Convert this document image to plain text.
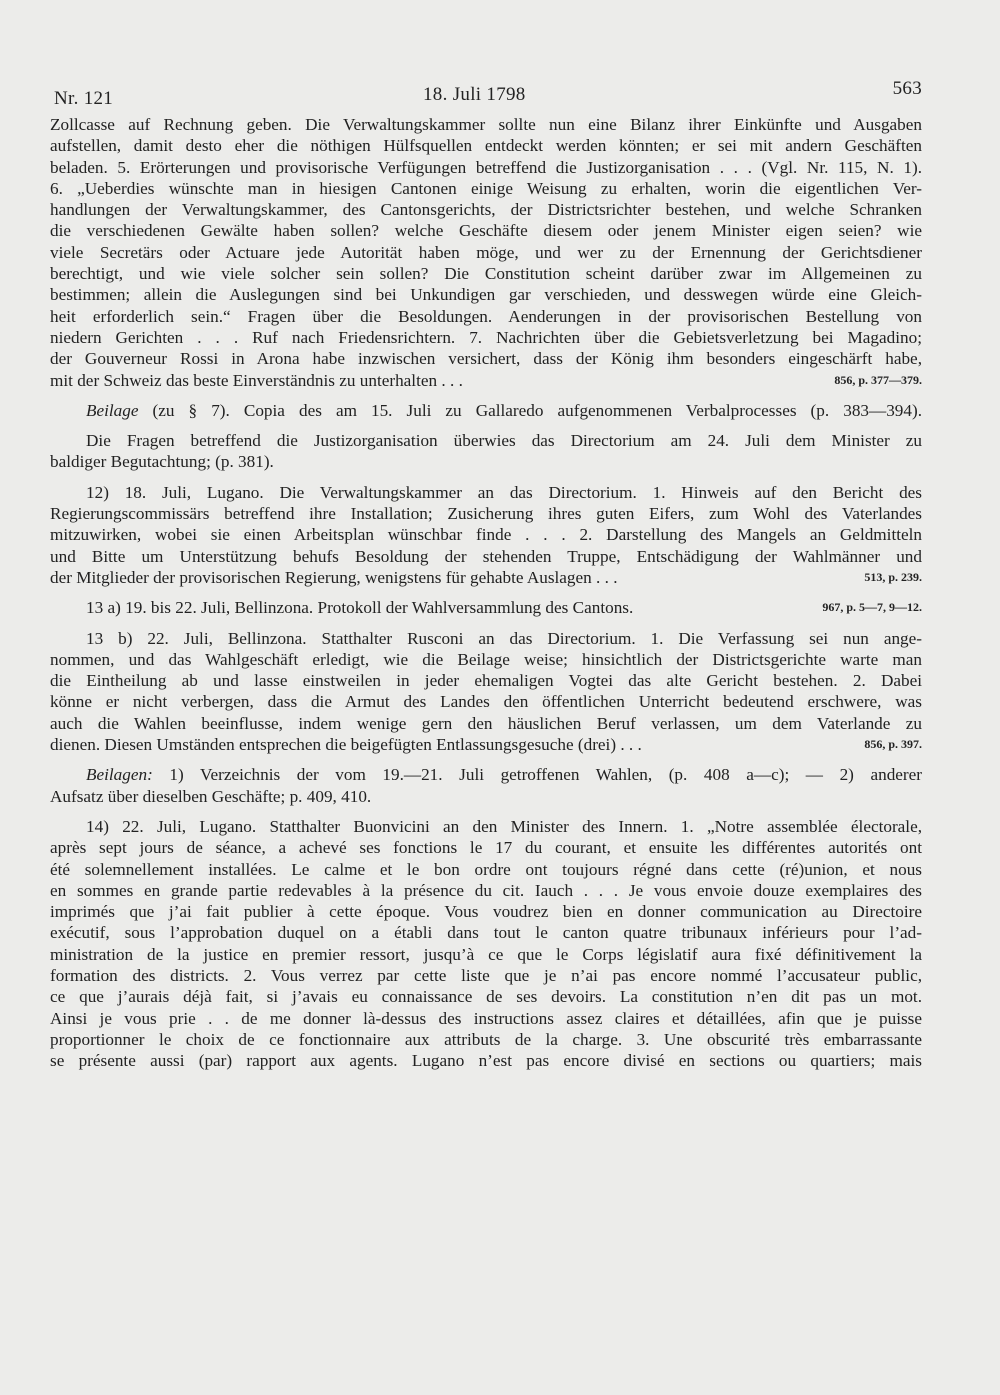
Nr. 121	18. Juli 1798	563
Zollcasse auf Rechnung geben. Die Verwaltungskammer sollte nun eine Bilanz ihrer Einkünfte und Ausgaben
aufstellen, damit desto eher die nöthigen Hülfsquellen entdeckt werden könnten; er sei mit andern Geschäften
beladen. 5. Erörterungen und provisorische Verfügungen betreffend die Justizorganisation . . . (Vgl. Nr. 115, N. 1).
6. „Ueberdies wünschte man in hiesigen Cantonen einige Weisung zu erhalten, worin die eigentlichen Ver-
handlungen der Verwaltungskammer, des Cantonsgerichts, der Districtsrichter bestehen, und welche Schranken
die verschiedenen Gewälte haben sollen? welche Geschäfte diesem oder jenem Minister eigen seien? wie
viele Secretärs oder Actuare jede Autorität haben möge, und wer zu der Ernennung der Gerichtsdiener
berechtigt, und wie viele solcher sein sollen? Die Constitution scheint darüber zwar im Allgemeinen zu
bestimmen; allein die Auslegungen sind bei Unkundigen gar verschieden, und desswegen würde eine Gleich-
heit erforderlich sein.“ Fragen über die Besoldungen. Aenderungen in der provisorischen Bestellung von
niedern Gerichten . . . Ruf nach Friedensrichtern. 7. Nachrichten über die Gebietsverletzung bei Magadino;
der Gouverneur Rossi in Arona habe inzwischen versichert, dass der König ihm besonders eingeschärft habe,
mit der Schweiz das beste Einverständnis zu unterhalten . . .	856, p. 377—379.
Beilage (zu § 7). Copia des am 15. Juli zu Gallaredo aufgenommenen Verbalprocesses (p. 383—394).
Die Fragen betreffend die Justizorganisation überwies das Directorium am 24. Juli dem Minister zu
baldiger Begutachtung; (p. 381).
12) 18. Juli, Lugano. Die Verwaltungskammer an das Directorium. 1. Hinweis auf den Bericht des
Regierungscommissärs betreffend ihre Installation; Zusicherung ihres guten Eifers, zum Wohl des Vaterlandes
mitzuwirken, wobei sie einen Arbeitsplan wünschbar finde . . . 2. Darstellung des Mangels an Geldmitteln
und Bitte um Unterstützung behufs Besoldung der stehenden Truppe, Entschädigung der Wahlmänner und
der Mitglieder der provisorischen Regierung, wenigstens für gehabte Auslagen . . .	513, p. 239.
13 a) 19. bis 22. Juli, Bellinzona. Protokoll der Wahlversammlung des Cantons.	967, p. 5—7, 9—12.
13 b) 22. Juli, Bellinzona. Statthalter Rusconi an das Directorium. 1. Die Verfassung sei nun ange-
nommen, und das Wahlgeschäft erledigt, wie die Beilage weise; hinsichtlich der Districtsgerichte warte man
die Eintheilung ab und lasse einstweilen in jeder ehemaligen Vogtei das alte Gericht bestehen. 2. Dabei
könne er nicht verbergen, dass die Armut des Landes den öffentlichen Unterricht bedeutend erschwere, was
auch die Wahlen beeinflusse, indem wenige gern den häuslichen Beruf verlassen, um dem Vaterlande zu
dienen. Diesen Umständen entsprechen die beigefügten Entlassungsgesuche (drei) . . .	856, p. 397.
Beilagen: 1) Verzeichnis der vom 19.—21. Juli getroffenen Wahlen, (p. 408 a—c); — 2) anderer
Aufsatz über dieselben Geschäfte; p. 409, 410.
14) 22. Juli, Lugano. Statthalter Buonvicini an den Minister des Innern. 1. „Notre assemblée électorale,
après sept jours de séance, a achevé ses fonctions le 17 du courant, et ensuite les différentes autorités ont
été solemnellement installées. Le calme et le bon ordre ont toujours régné dans cette (ré)union, et nous
en sommes en grande partie redevables à la présence du cit. Iauch . . . Je vous envoie douze exemplaires des
imprimés que j’ai fait publier à cette époque. Vous voudrez bien en donner communication au Directoire
exécutif, sous l’approbation duquel on a établi dans tout le canton quatre tribunaux inférieurs pour l’ad-
ministration de la justice en premier ressort, jusqu’à ce que le Corps législatif aura fixé définitivement la
formation des districts. 2. Vous verrez par cette liste que je n’ai pas encore nommé l’accusateur public,
ce que j’aurais déjà fait, si j’avais eu connaissance de ses devoirs. La constitution n’en dit pas un mot.
Ainsi je vous prie . . de me donner là-dessus des instructions assez claires et détaillées, afin que je puisse
proportionner le choix de ce fonctionnaire aux attributs de la charge. 3. Une obscurité très embarrassante
se présente aussi (par) rapport aux agents. Lugano n’est pas encore divisé en sections ou quartiers; mais
